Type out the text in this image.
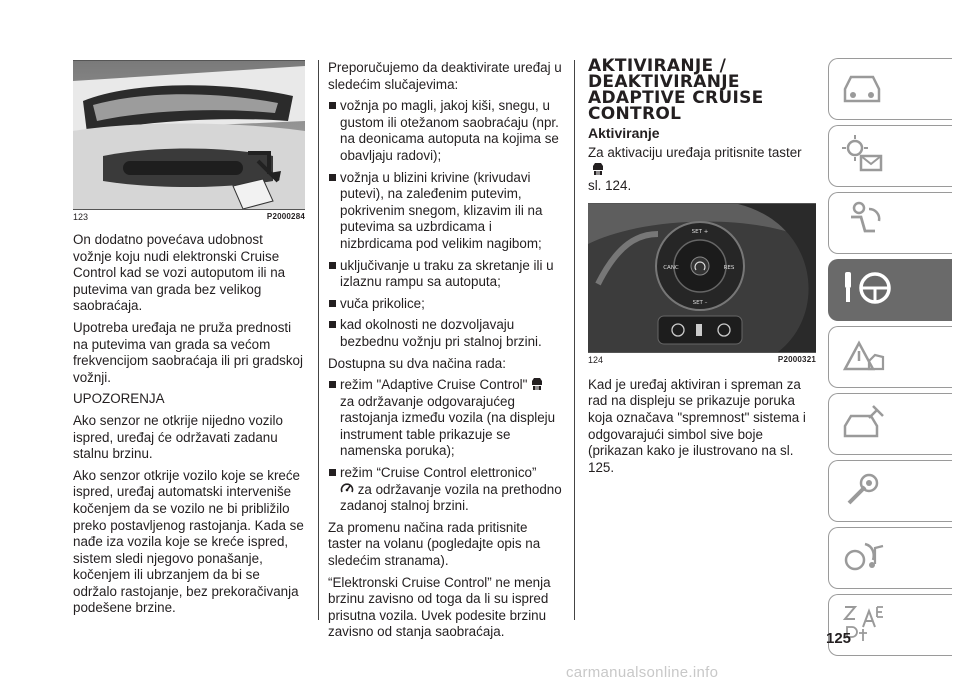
123	P2000284

On dodatno povećava udobnost vožnje koju nudi elektronski Cruise Control kad se vozi autoputom ili na putevima van grada bez velikog saobraćaja.

Upotreba uređaja ne pruža prednosti na putevima van grada sa većom frekvencijom saobraćaja ili pri gradskoj vožnji.

UPOZORENJA

Ako senzor ne otkrije nijedno vozilo ispred, uređaj će održavati zadanu stalnu brzinu.

Ako senzor otkrije vozilo koje se kreće ispred, uređaj automatski interveniše kočenjem da se vozilo ne bi približilo preko postavljenog rastojanja. Kada se nađe iza vozila koje se kreće ispred, sistem sledi njegovo ponašanje, kočenjem ili ubrzanjem da bi se održalo rastojanje, bez prekoračivanja podešene brzine.

Preporučujemo da deaktivirate uređaj u sledećim slučajevima:

vožnja po magli, jakoj kiši, snegu, u gustom ili otežanom saobraćaju (npr. na deonicama autoputa na kojima se obavljaju radovi);

vožnja u blizini krivine (krivudavi putevi), na zaleđenim putevim, pokrivenim snegom, klizavim ili na putevima sa uzbrdicama i nizbrdicama pod velikim nagibom;

uključivanje u traku za skretanje ili u izlaznu rampu sa autoputa;

vuča prikolice;

kad okolnosti ne dozvoljavaju bezbednu vožnju pri stalnoj brzini.

Dostupna su dva načina rada:

režim "Adaptive Cruise Control" za održavanje odgovarajućeg rastojanja između vozila (na displeju instrument table prikazuje se namenska poruka);

režim “Cruise Control elettronico”
za održavanje vozila na prethodno zadanoj stalnoj brzini.

Za promenu načina rada pritisnite taster na volanu (pogledajte opis na sledećim stranama).

“Elektronski Cruise Control” ne menja brzinu zavisno od toga da li su ispred prisutna vozila. Uvek podesite brzinu zavisno od stanja saobraćaja.

AKTIVIRANJE /
DEAKTIVIRANJE
ADAPTIVE CRUISE
CONTROL
Aktiviranje

Za aktivaciju uređaja pritisnite taster
sl. 124.

SET +
CANC	RES
SET –
124	P2000321

Kad je uređaj aktiviran i spreman za rad na displeju se prikazuje poruka koja označava "spremnost" sistema i odgovarajući simbol sive boje (prikazan kako je ilustrovano na sl. 125.

125
carmanualsonline.info
